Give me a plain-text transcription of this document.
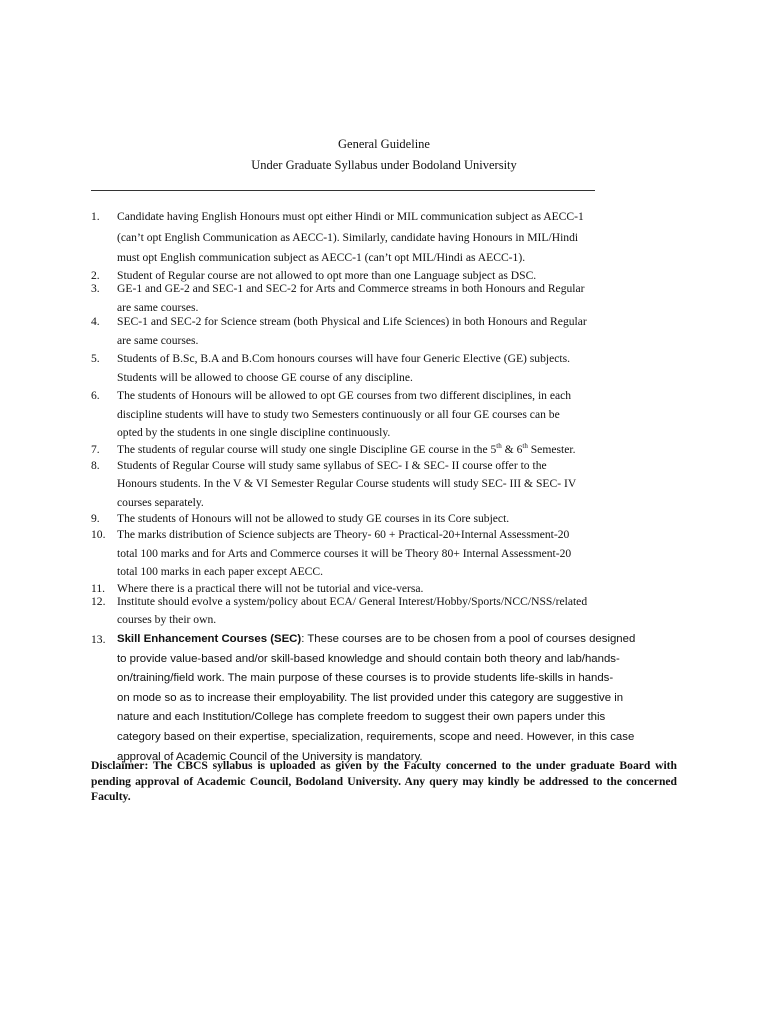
General Guideline
Under Graduate Syllabus under Bodoland University
1. Candidate having English Honours must opt either Hindi or MIL communication subject as AECC-1
(can’t opt English Communication as AECC-1). Similarly, candidate having Honours in MIL/Hindi
must opt English communication subject as AECC-1 (can’t opt MIL/Hindi as AECC-1).
2. Student of Regular course are not allowed to opt more than one Language subject as DSC.
3. GE-1 and GE-2 and SEC-1 and SEC-2 for Arts and Commerce streams in both Honours and Regular
are same courses.
4. SEC-1 and SEC-2 for Science stream (both Physical and Life Sciences) in both Honours and Regular
are same courses.
5. Students of B.Sc, B.A and B.Com honours courses will have four Generic Elective (GE) subjects.
Students will be allowed to choose GE course of any discipline.
6. The students of Honours will be allowed to opt GE courses from two different disciplines, in each
discipline students will have to study two Semesters continuously or all four GE courses can be
opted by the students in one single discipline continuously.
7. The students of regular course will study one single Discipline GE course in the 5th & 6th Semester.
8. Students of Regular Course will study same syllabus of SEC- I & SEC- II course offer to the
Honours students. In the V & VI Semester Regular Course students will study SEC- III & SEC- IV
courses separately.
9. The students of Honours will not be allowed to study GE courses in its Core subject.
10. The marks distribution of Science subjects are Theory- 60 + Practical-20+Internal Assessment-20
total 100 marks and for Arts and Commerce courses it will be Theory 80+ Internal Assessment-20
total 100 marks in each paper except AECC.
11. Where there is a practical there will not be tutorial and vice-versa.
12. Institute should evolve a system/policy about ECA/ General Interest/Hobby/Sports/NCC/NSS/related
courses by their own.
13. Skill Enhancement Courses (SEC): These courses are to be chosen from a pool of courses designed
to provide value-based and/or skill-based knowledge and should contain both theory and lab/hands-
on/training/field work. The main purpose of these courses is to provide students life-skills in hands-
on mode so as to increase their employability. The list provided under this category are suggestive in
nature and each Institution/College has complete freedom to suggest their own papers under this
category based on their expertise, specialization, requirements, scope and need. However, in this case
approval of Academic Council of the University is mandatory.
Disclaimer: The CBCS syllabus is uploaded as given by the Faculty concerned to the under graduate Board with pending approval of Academic Council, Bodoland University. Any query may kindly be addressed to the concerned Faculty.
